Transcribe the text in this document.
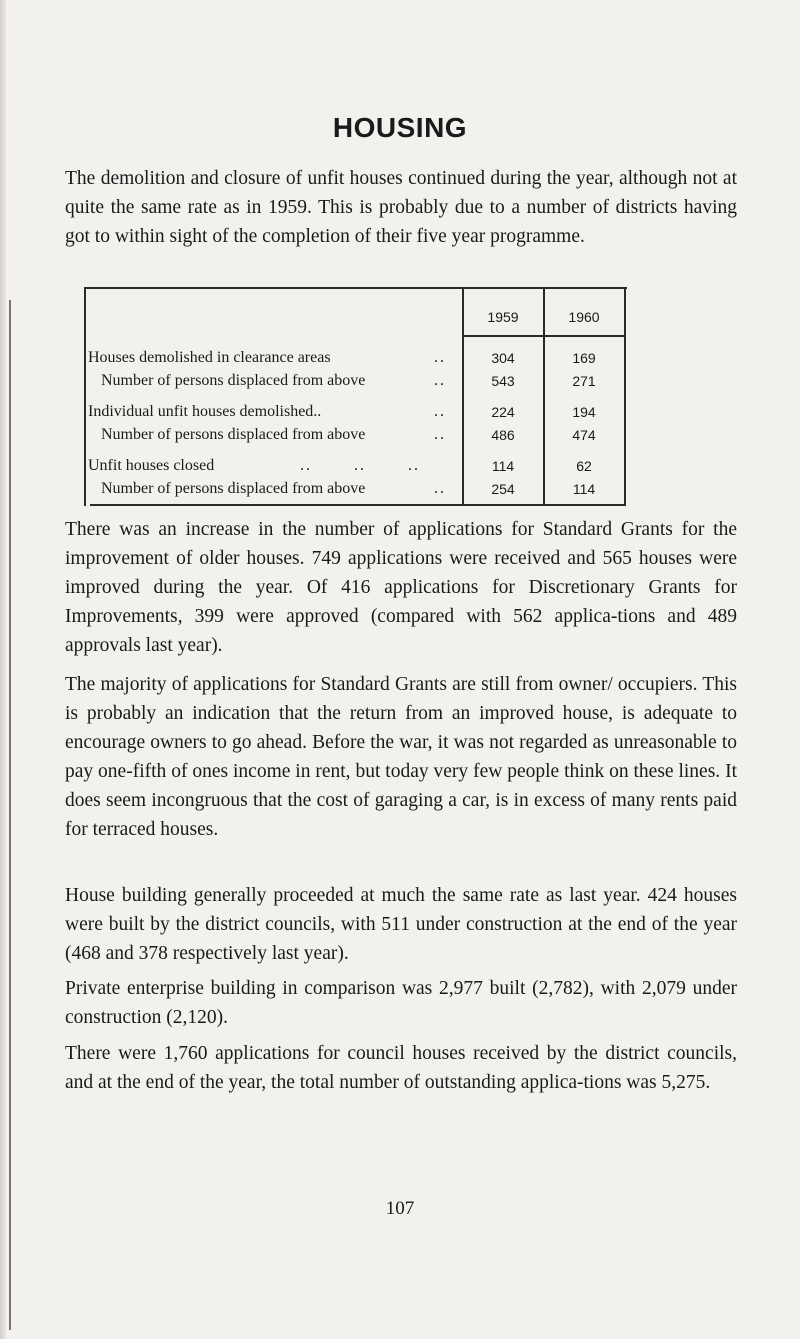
HOUSING

The demolition and closure of unfit houses continued during the year, although not at quite the same rate as in 1959. This is probably due to a number of districts having got to within sight of the completion of their five year programme.

1959	1960
Houses demolished in clearance areas	..	304	169
Number of persons displaced from above	..	543	271
Individual unfit houses demolished..	..	224	194
Number of persons displaced from above	..	486	474
Unfit houses closed	..       ..       ..	114	62
Number of persons displaced from above	..	254	114

There was an increase in the number of applications for Standard Grants for the improvement of older houses. 749 applications were received and 565 houses were improved during the year. Of 416 applications for Discretionary Grants for Improvements, 399 were approved (compared with 562 applica-tions and 489 approvals last year).

The majority of applications for Standard Grants are still from owner/ occupiers. This is probably an indication that the return from an improved house, is adequate to encourage owners to go ahead. Before the war, it was not regarded as unreasonable to pay one-fifth of ones income in rent, but today very few people think on these lines. It does seem incongruous that the cost of garaging a car, is in excess of many rents paid for terraced houses.

House building generally proceeded at much the same rate as last year. 424 houses were built by the district councils, with 511 under construction at the end of the year (468 and 378 respectively last year).

Private enterprise building in comparison was 2,977 built (2,782), with 2,079 under construction (2,120).

There were 1,760 applications for council houses received by the district councils, and at the end of the year, the total number of outstanding applica-tions was 5,275.

107
